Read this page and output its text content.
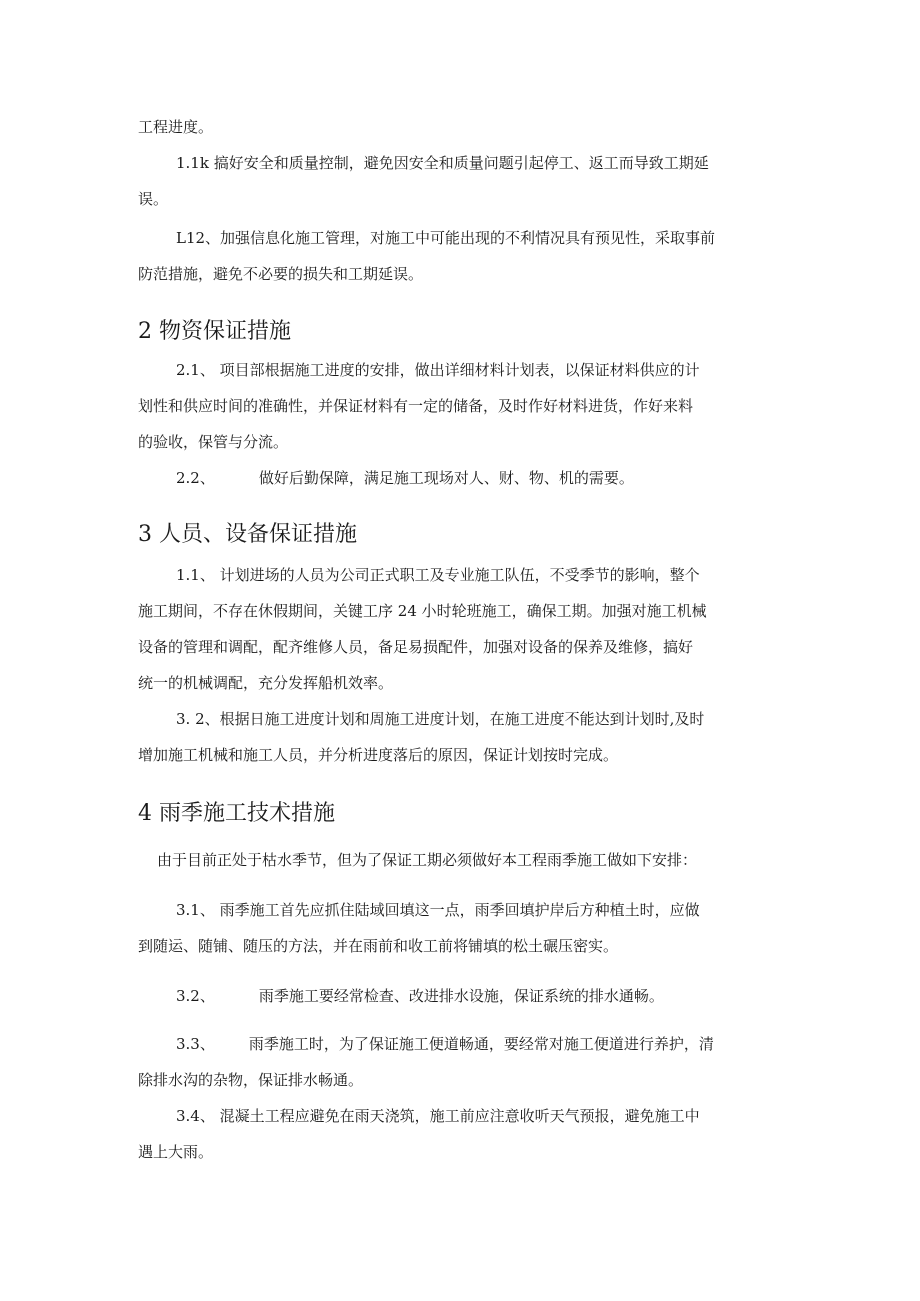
工程进度。

1.1k 搞好安全和质量控制，避免因安全和质量问题引起停工、返工而导致工期延

误。

L12、加强信息化施工管理，对施工中可能出现的不利情况具有预见性，采取事前

防范措施，避免不必要的损失和工期延误。

2 物资保证措施

2.1、 项目部根据施工进度的安排，做出详细材料计划表，以保证材料供应的计

划性和供应时间的准确性，并保证材料有一定的储备，及时作好材料进货，作好来料

的验收，保管与分流。

2.2、	做好后勤保障，满足施工现场对人、财、物、机的需要。

3 人员、设备保证措施

1.1、 计划进场的人员为公司正式职工及专业施工队伍，不受季节的影响，整个

施工期间，不存在休假期间，关键工序 24 小时轮班施工，确保工期。加强对施工机械

设备的管理和调配，配齐维修人员，备足易损配件，加强对设备的保养及维修，搞好

统一的机械调配，充分发挥船机效率。

3. 2、根据日施工进度计划和周施工进度计划，在施工进度不能达到计划时,及时

增加施工机械和施工人员，并分析进度落后的原因，保证计划按时完成。

4 雨季施工技术措施

由于目前正处于枯水季节，但为了保证工期必须做好本工程雨季施工做如下安排：

3.1、 雨季施工首先应抓住陆域回填这一点，雨季回填护岸后方种植土时，应做

到随运、随铺、随压的方法，并在雨前和收工前将铺填的松土碾压密实。

3.2、	雨季施工要经常检查、改进排水设施，保证系统的排水通畅。

3.3、 雨季施工时，为了保证施工便道畅通，要经常对施工便道进行养护，清

除排水沟的杂物，保证排水畅通。

3.4、 混凝土工程应避免在雨天浇筑，施工前应注意收听天气预报，避免施工中

遇上大雨。
